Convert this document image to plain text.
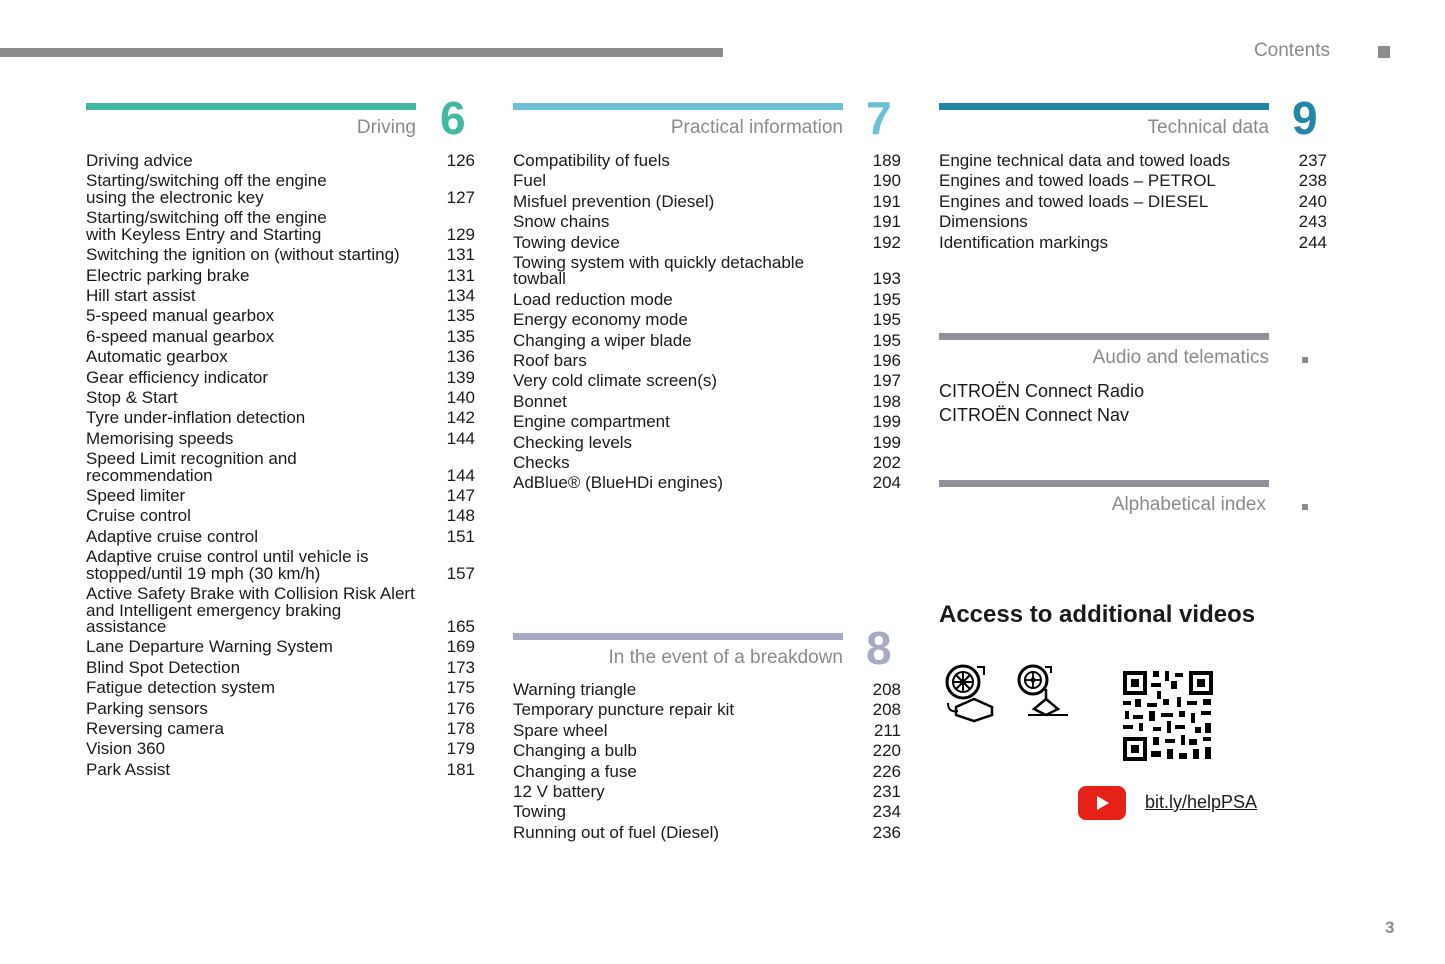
Contents
Driving 6
Driving advice	126
Starting/switching off the engine
using the electronic key	127
Starting/switching off the engine
with Keyless Entry and Starting	129
Switching the ignition on (without starting)	131
Electric parking brake	131
Hill start assist	134
5-speed manual gearbox	135
6-speed manual gearbox	135
Automatic gearbox	136
Gear efficiency indicator	139
Stop & Start	140
Tyre under-inflation detection	142
Memorising speeds	144
Speed Limit recognition and
recommendation	144
Speed limiter	147
Cruise control	148
Adaptive cruise control	151
Adaptive cruise control until vehicle is
stopped/until 19 mph (30 km/h)	157
Active Safety Brake with Collision Risk Alert
and Intelligent emergency braking
assistance	165
Lane Departure Warning System	169
Blind Spot Detection	173
Fatigue detection system	175
Parking sensors	176
Reversing camera	178
Vision 360	179
Park Assist	181
Practical information 7
Compatibility of fuels	189
Fuel	190
Misfuel prevention (Diesel)	191
Snow chains	191
Towing device	192
Towing system with quickly detachable towball	193
Load reduction mode	195
Energy economy mode	195
Changing a wiper blade	195
Roof bars	196
Very cold climate screen(s)	197
Bonnet	198
Engine compartment	199
Checking levels	199
Checks	202
AdBlue® (BlueHDi engines)	204
In the event of a breakdown 8
Warning triangle	208
Temporary puncture repair kit	208
Spare wheel	211
Changing a bulb	220
Changing a fuse	226
12 V battery	231
Towing	234
Running out of fuel (Diesel)	236
Technical data 9
Engine technical data and towed loads	237
Engines and towed loads – PETROL	238
Engines and towed loads – DIESEL	240
Dimensions	243
Identification markings	244
Audio and telematics
CITROËN Connect Radio
CITROËN Connect Nav
Alphabetical index
Access to additional videos
bit.ly/helpPSA
3
